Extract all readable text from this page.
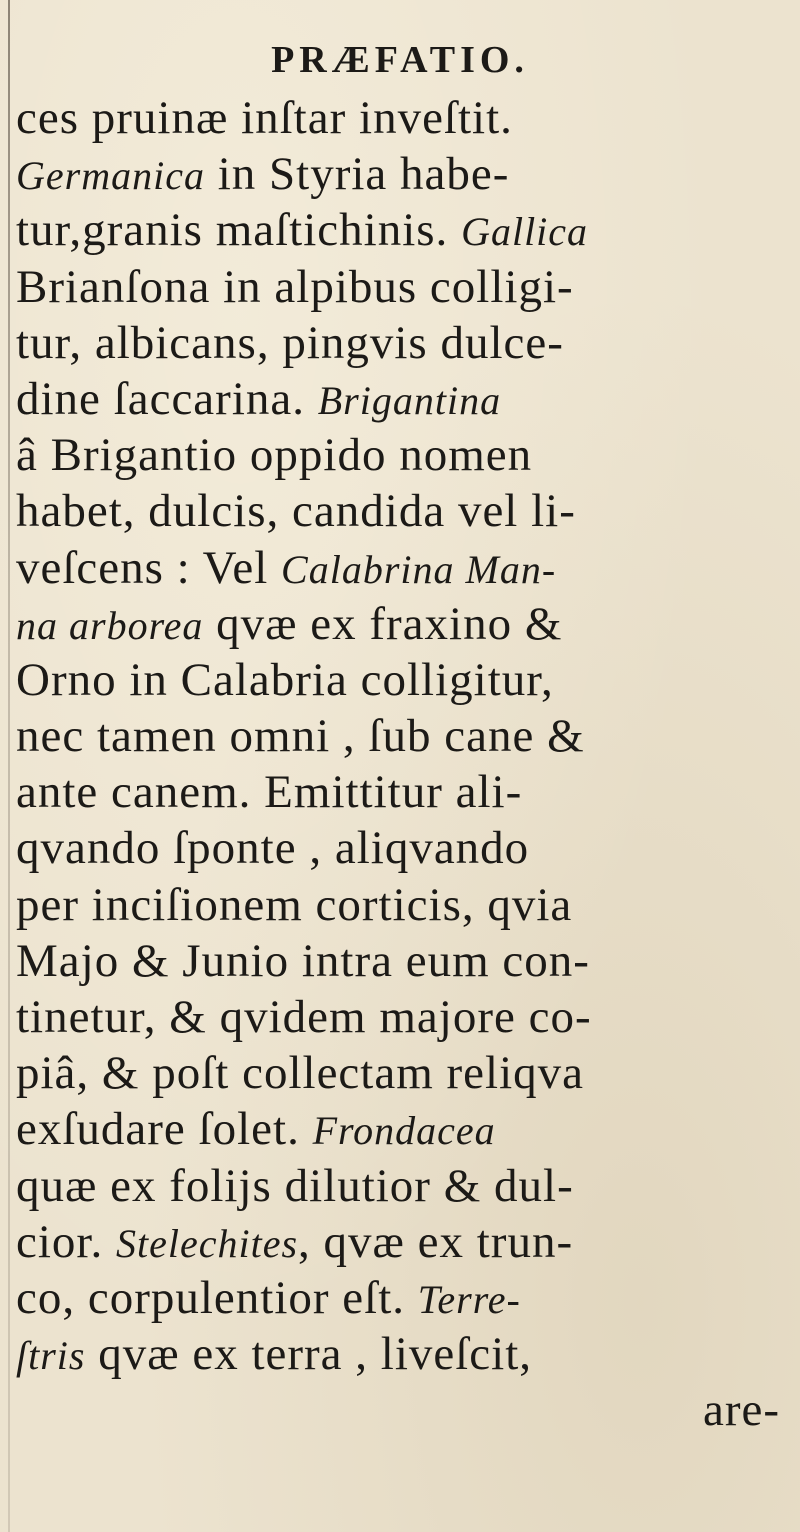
PRÆFATIO.
ces pruinæ inſtar inveſtit.
Germanica in Styria habe-
tur,granis maſtichinis. Gallica
Brianſona in alpibus colligi-
tur, albicans, pingvis dulce-
dine ſaccarina. Brigantina
â Brigantio oppido nomen
habet, dulcis, candida vel li-
veſcens : Vel Calabrina Man-
na arborea qvæ ex fraxino &
Orno in Calabria colligitur,
nec tamen omni , ſub cane &
ante canem. Emittitur ali-
qvando ſponte , aliqvando
per inciſionem corticis, qvia
Majo & Junio intra eum con-
tinetur, & qvidem majore co-
piâ, & poſt collectam reliqva
exſudare ſolet. Frondacea
quæ ex folijs dilutior & dul-
cior. Stelechites, qvæ ex trun-
co, corpulentior eſt. Terre-
ſtris qvæ ex terra , liveſcit,
are-
